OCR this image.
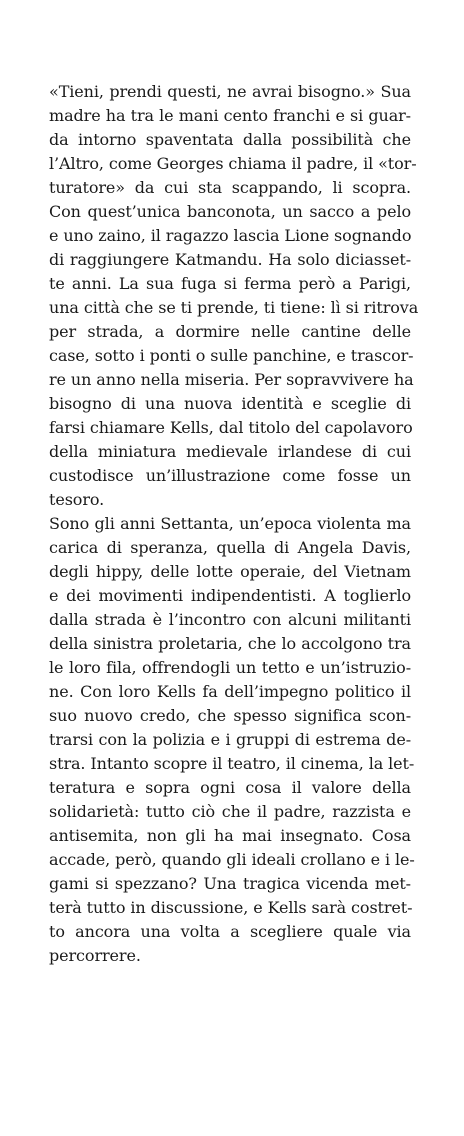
«Tieni, prendi questi, ne avrai bisogno.» Sua
madre ha tra le mani cento franchi e si guar-
da intorno spaventata dalla possibilità che
l’Altro, come Georges chiama il padre, il «tor-
turatore» da cui sta scappando, li scopra.
Con quest’unica banconota, un sacco a pelo
e uno zaino, il ragazzo lascia Lione sognando
di raggiungere Katmandu. Ha solo diciasset-
te anni. La sua fuga si ferma però a Parigi,
una città che se ti prende, ti tiene: lì si ritrova
per strada, a dormire nelle cantine delle
case, sotto i ponti o sulle panchine, e trascor-
re un anno nella miseria. Per sopravvivere ha
bisogno di una nuova identità e sceglie di
farsi chiamare Kells, dal titolo del capolavoro
della miniatura medievale irlandese di cui
custodisce un’illustrazione come fosse un
tesoro.
Sono gli anni Settanta, un’epoca violenta ma
carica di speranza, quella di Angela Davis,
degli hippy, delle lotte operaie, del Vietnam
e dei movimenti indipendentisti. A toglierlo
dalla strada è l’incontro con alcuni militanti
della sinistra proletaria, che lo accolgono tra
le loro fila, offrendogli un tetto e un’istruzio-
ne. Con loro Kells fa dell’impegno politico il
suo nuovo credo, che spesso significa scon-
trarsi con la polizia e i gruppi di estrema de-
stra. Intanto scopre il teatro, il cinema, la let-
teratura e sopra ogni cosa il valore della
solidarietà: tutto ciò che il padre, razzista e
antisemita, non gli ha mai insegnato. Cosa
accade, però, quando gli ideali crollano e i le-
gami si spezzano? Una tragica vicenda met-
terà tutto in discussione, e Kells sarà costret-
to ancora una volta a scegliere quale via
percorrere.
